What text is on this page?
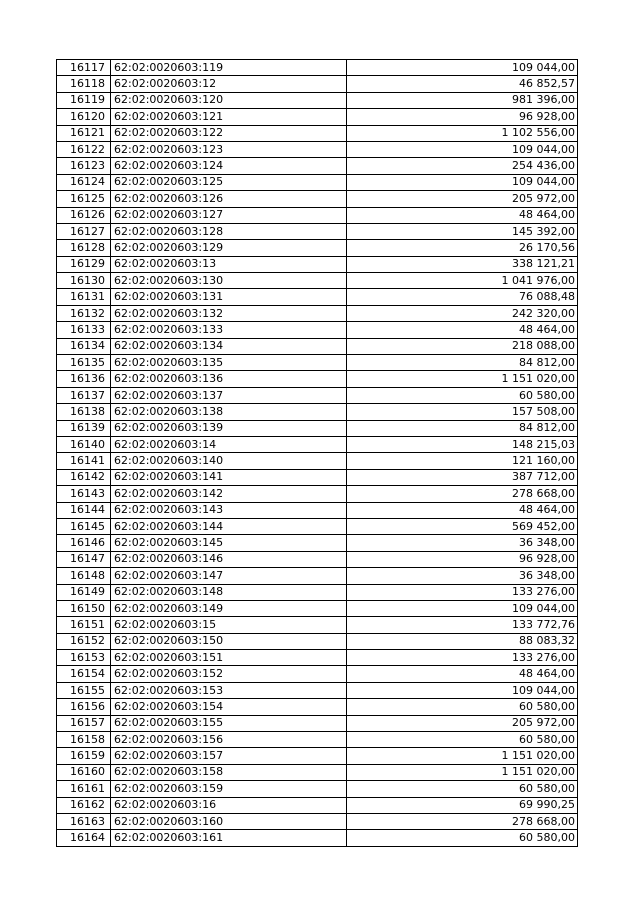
16117	62:02:0020603:119	109 044,00
16118	62:02:0020603:12	46 852,57
16119	62:02:0020603:120	981 396,00
16120	62:02:0020603:121	96 928,00
16121	62:02:0020603:122	1 102 556,00
16122	62:02:0020603:123	109 044,00
16123	62:02:0020603:124	254 436,00
16124	62:02:0020603:125	109 044,00
16125	62:02:0020603:126	205 972,00
16126	62:02:0020603:127	48 464,00
16127	62:02:0020603:128	145 392,00
16128	62:02:0020603:129	26 170,56
16129	62:02:0020603:13	338 121,21
16130	62:02:0020603:130	1 041 976,00
16131	62:02:0020603:131	76 088,48
16132	62:02:0020603:132	242 320,00
16133	62:02:0020603:133	48 464,00
16134	62:02:0020603:134	218 088,00
16135	62:02:0020603:135	84 812,00
16136	62:02:0020603:136	1 151 020,00
16137	62:02:0020603:137	60 580,00
16138	62:02:0020603:138	157 508,00
16139	62:02:0020603:139	84 812,00
16140	62:02:0020603:14	148 215,03
16141	62:02:0020603:140	121 160,00
16142	62:02:0020603:141	387 712,00
16143	62:02:0020603:142	278 668,00
16144	62:02:0020603:143	48 464,00
16145	62:02:0020603:144	569 452,00
16146	62:02:0020603:145	36 348,00
16147	62:02:0020603:146	96 928,00
16148	62:02:0020603:147	36 348,00
16149	62:02:0020603:148	133 276,00
16150	62:02:0020603:149	109 044,00
16151	62:02:0020603:15	133 772,76
16152	62:02:0020603:150	88 083,32
16153	62:02:0020603:151	133 276,00
16154	62:02:0020603:152	48 464,00
16155	62:02:0020603:153	109 044,00
16156	62:02:0020603:154	60 580,00
16157	62:02:0020603:155	205 972,00
16158	62:02:0020603:156	60 580,00
16159	62:02:0020603:157	1 151 020,00
16160	62:02:0020603:158	1 151 020,00
16161	62:02:0020603:159	60 580,00
16162	62:02:0020603:16	69 990,25
16163	62:02:0020603:160	278 668,00
16164	62:02:0020603:161	60 580,00
